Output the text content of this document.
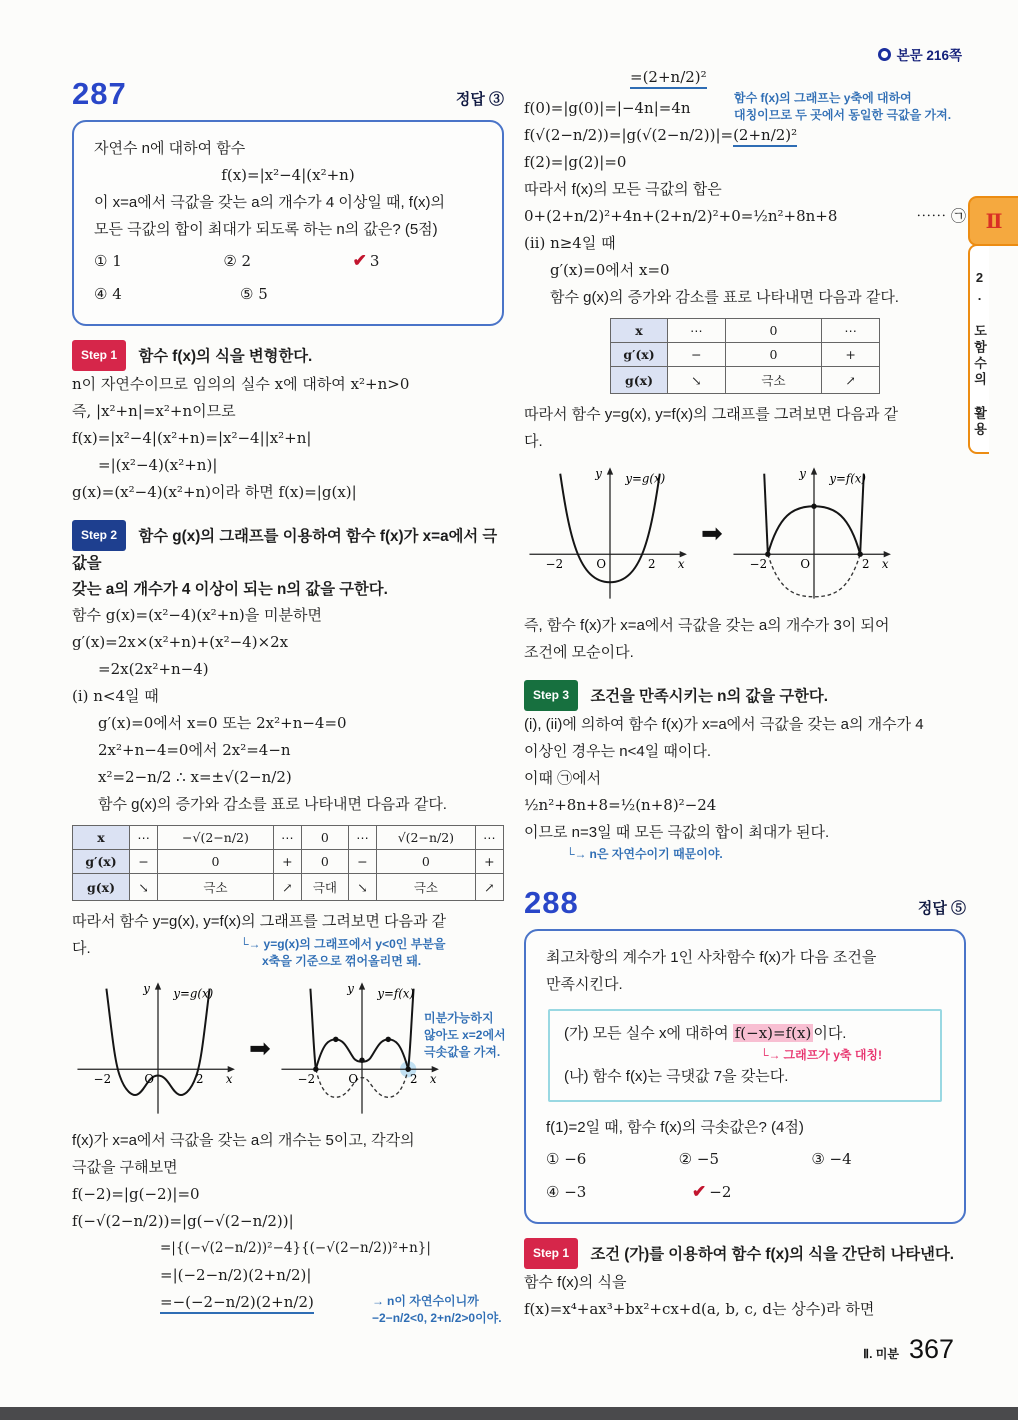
본문 216쪽
287	정답 ③
자연수 n에 대하여 함수
f(x)=|x²−4|(x²+n)
이 x=a에서 극값을 갖는 a의 개수가 4 이상일 때, f(x)의
모든 극값의 합이 최대가 되도록 하는 n의 값은? (5점)
① 1	② 2	✔ 3
④ 4	⑤ 5
Step 1 함수 f(x)의 식을 변형한다.
n이 자연수이므로 임의의 실수 x에 대하여 x²+n>0
즉, |x²+n|=x²+n이므로
f(x)=|x²−4|(x²+n)=|x²−4||x²+n|
=|(x²−4)(x²+n)|
g(x)=(x²−4)(x²+n)이라 하면 f(x)=|g(x)|
Step 2 함수 g(x)의 그래프를 이용하여 함수 f(x)가 x=a에서 극값을
갖는 a의 개수가 4 이상이 되는 n의 값을 구한다.
함수 g(x)=(x²−4)(x²+n)을 미분하면
g′(x)=2x×(x²+n)+(x²−4)×2x
=2x(2x²+n−4)
(i) n<4일 때
g′(x)=0에서 x=0 또는 2x²+n−4=0
2x²+n−4=0에서 2x²=4−n
x²=2−n/2 ∴ x=±√(2−n/2)
함수 g(x)의 증가와 감소를 표로 나타내면 다음과 같다.
x	⋯	−√(2−n/2)	⋯	0	⋯	√(2−n/2)	⋯
g′(x)	−	0	+	0	−	0	+
g(x)	↘	극소	↗	극대	↘	극소	↗
따라서 함수 y=g(x), y=f(x)의 그래프를 그려보면 다음과 같
다.	└→ y=g(x)의 그래프에서 y<0인 부분을
x축을 기준으로 꺾어올리면 돼.
y y=g(x)
−2	O	2 x
➡
y y=f(x)
−2	O	2 x
미분가능하지
않아도 x=2에서
극솟값을 가져.
f(x)가 x=a에서 극값을 갖는 a의 개수는 5이고, 각각의
극값을 구해보면
f(−2)=|g(−2)|=0
f(−√(2−n/2))=|g(−√(2−n/2))|
=|{(−√(2−n/2))²−4}{(−√(2−n/2))²+n}|
=|(−2−n/2)(2+n/2)|
=−(−2−n/2)(2+n/2)	→ n이 자연수이니까
−2−n/2<0, 2+n/2>0이야.
=(2+n/2)²
함수 f(x)의 그래프는 y축에 대하여
대칭이므로 두 곳에서 동일한 극값을 가져.
f(0)=|g(0)|=|−4n|=4n
f(√(2−n/2))=|g(√(2−n/2))|=(2+n/2)²
f(2)=|g(2)|=0
따라서 f(x)의 모든 극값의 합은
0+(2+n/2)²+4n+(2+n/2)²+0=½n²+8n+8	⋯⋯ ㉠
(ii) n≥4일 때
g′(x)=0에서 x=0
함수 g(x)의 증가와 감소를 표로 나타내면 다음과 같다.
x	⋯	0	⋯
g′(x)	−	0	+
g(x)	↘	극소	↗
따라서 함수 y=g(x), y=f(x)의 그래프를 그려보면 다음과 같
다.
y y=g(x)
−2	O	2 x
➡
y y=f(x)
−2	O	2 x
즉, 함수 f(x)가 x=a에서 극값을 갖는 a의 개수가 3이 되어
조건에 모순이다.
Step 3 조건을 만족시키는 n의 값을 구한다.
(i), (ii)에 의하여 함수 f(x)가 x=a에서 극값을 갖는 a의 개수가 4
이상인 경우는 n<4일 때이다.
이때 ㉠에서
½n²+8n+8=½(n+8)²−24
이므로 n=3일 때 모든 극값의 합이 최대가 된다.
└→ n은 자연수이기 때문이야.
288	정답 ⑤
최고차항의 계수가 1인 사차함수 f(x)가 다음 조건을
만족시킨다.
(가) 모든 실수 x에 대하여 f(−x)=f(x) 이다.
└→ 그래프가 y축 대칭!
(나) 함수 f(x)는 극댓값 7을 갖는다.
f(1)=2일 때, 함수 f(x)의 극솟값은? (4점)
① −6	② −5	③ −4
④ −3	✔ −2
Step 1 조건 (가)를 이용하여 함수 f(x)의 식을 간단히 나타낸다.
함수 f(x)의 식을
f(x)=x⁴+ax³+bx²+cx+d(a, b, c, d는 상수)라 하면
Ⅱ
2. 도함수의 활용
Ⅱ. 미분 367
